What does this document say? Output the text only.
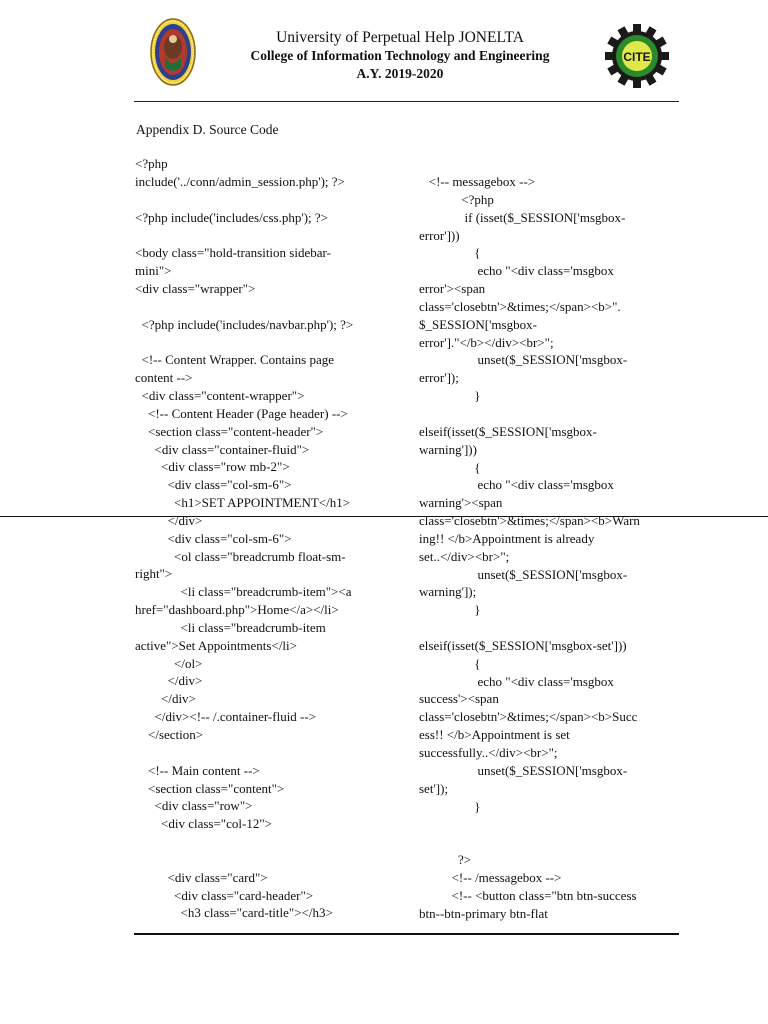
University of Perpetual Help JONELTA
College of Information Technology and Engineering
A.Y. 2019-2020
CITE
Appendix D. Source Code
<?php
include('../conn/admin_session.php'); ?>
<?php include('includes/css.php'); ?>
<body class="hold-transition sidebar-
mini">
<div class="wrapper">
<?php include('includes/navbar.php'); ?>
<!-- Content Wrapper. Contains page
content -->
<div class="content-wrapper">
<!-- Content Header (Page header) -->
<section class="content-header">
<div class="container-fluid">
<div class="row mb-2">
<div class="col-sm-6">
<h1>SET APPOINTMENT</h1>
</div>
<div class="col-sm-6">
<ol class="breadcrumb float-sm-
right">
<li class="breadcrumb-item"><a
href="dashboard.php">Home</a></li>
<li class="breadcrumb-item
active">Set Appointments</li>
</ol>
</div>
</div>
</div><!-- /.container-fluid -->
</section>
<!-- Main content -->
<section class="content">
<div class="row">
<div class="col-12">
<div class="card">
<div class="card-header">
<h3 class="card-title"></h3>
<!-- messagebox -->
<?php
if (isset($_SESSION['msgbox-
error']))
{
echo "<div class='msgbox
error'><span
class='closebtn'>&times;</span><b>".
$_SESSION['msgbox-
error']."</b></div><br>";
unset($_SESSION['msgbox-
error']);
}
elseif(isset($_SESSION['msgbox-
warning']))
{
echo "<div class='msgbox
warning'><span
class='closebtn'>&times;</span><b>Warn
ing!! </b>Appointment is already
set..</div><br>";
unset($_SESSION['msgbox-
warning']);
}
elseif(isset($_SESSION['msgbox-set']))
{
echo "<div class='msgbox
success'><span
class='closebtn'>&times;</span><b>Succ
ess!! </b>Appointment is set
successfully..</div><br>";
unset($_SESSION['msgbox-
set']);
}
?>
<!-- /messagebox -->
<!-- <button class="btn btn-success
btn--btn-primary btn-flat
